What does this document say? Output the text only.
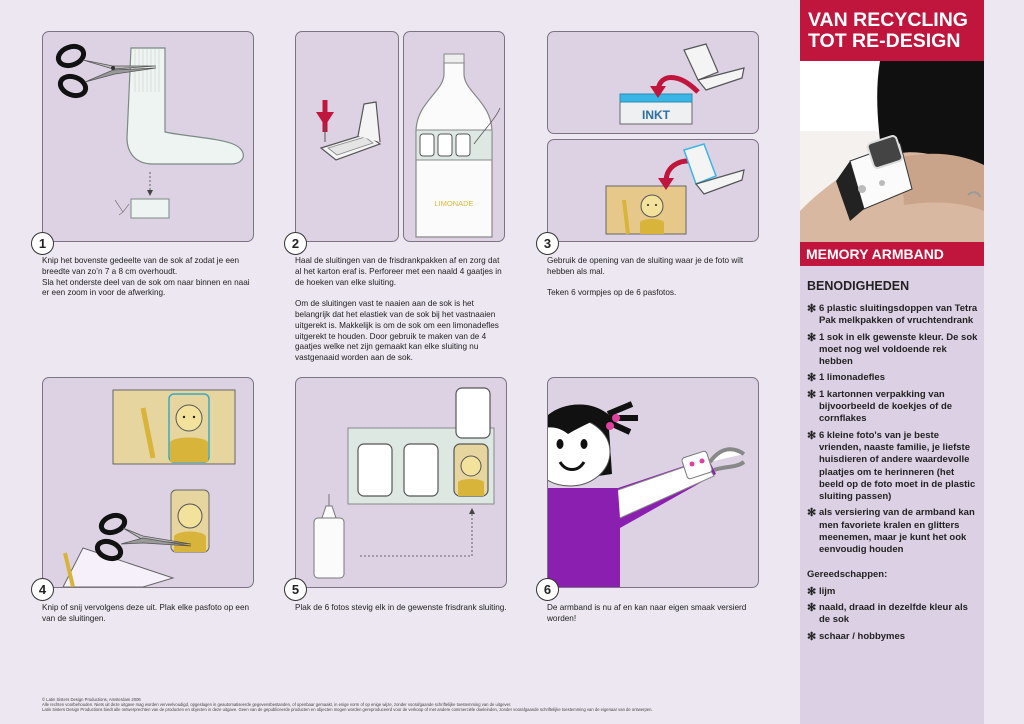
1

Knip het bovenste gedeelte van de sok af zodat je een breedte van zo’n 7 a 8 cm overhoudt.
Sla het onderste deel van de sok om naar binnen en naai er een zoom in voor de afwerking.

LIMONADE
2

Haal de sluitingen van de frisdrankpakken af en zorg dat al het karton eraf is. Perforeer met een naald 4 gaatjes in de hoeken van elke sluiting.

Om de sluitingen vast te naaien aan de sok is het belangrijk dat het elastiek van de sok bij het vastnaaien uitgerekt is. Makkelijk is om de sok om een limonadefles uitgerekt te houden. Door gebruik te maken van de 4 gaatjes welke net zijn gemaakt kan elke sluiting nu vastgenaaid worden aan de sok.

INKT
3

Gebruik de opening van de sluiting waar je de foto wilt hebben als mal.

Teken 6 vormpjes op de 6 pasfotos.

4

Knip of snij vervolgens deze uit. Plak elke pasfoto op een van de sluitingen.

5

Plak de 6 fotos stevig elk in de gewenste frisdrank sluiting.

6

De armband is nu af en kan naar eigen smaak versierd worden!

© Latin Sisters Design Productions, Amsterdam 2006
Alle rechten voorbehouden. Niets uit deze uitgave mag worden verveelvoudigd, opgeslagen in geautomatiseerde gegevensbestanden, of openbaar gemaakt, in enige vorm of op enige wijze, zonder voorafgaande schriftelijke toestemming van de uitgever.
Latin Sisters Design Productions biedt alle ontwerprechten van de producten en objecten in deze uitgave. Geen van de gepubliceerde producten en objecten mogen worden gereproduceerd voor de verkoop of met andere commerciële doeleinden, zonder voorafgaande schriftelijke toestemming van de eigenaar van de ontwerpen.
VAN RECYCLING
TOT RE-DESIGN
MEMORY ARMBAND
BENODIGHEDEN
✻ 6 plastic sluitingsdoppen van Tetra Pak melkpakken of vruchtendrank
✻ 1 sok in elk gewenste kleur. De sok moet nog wel voldoende rek hebben
✻ 1 limonadefles
✻ 1 kartonnen verpakking van bijvoorbeeld de koekjes of de cornflakes
✻ 6 kleine foto's van je beste vrienden, naaste familie, je liefste huisdieren of andere waardevolle plaatjes om te herinneren (het beeld op de foto moet in de plastic sluiting passen)
✻ als versiering van de armband kan men favoriete kralen en glitters meenemen, maar je kunt het ook eenvoudig houden
Gereedschappen:
✻ lijm
✻ naald, draad in dezelfde kleur als de sok
✻ schaar / hobbymes
